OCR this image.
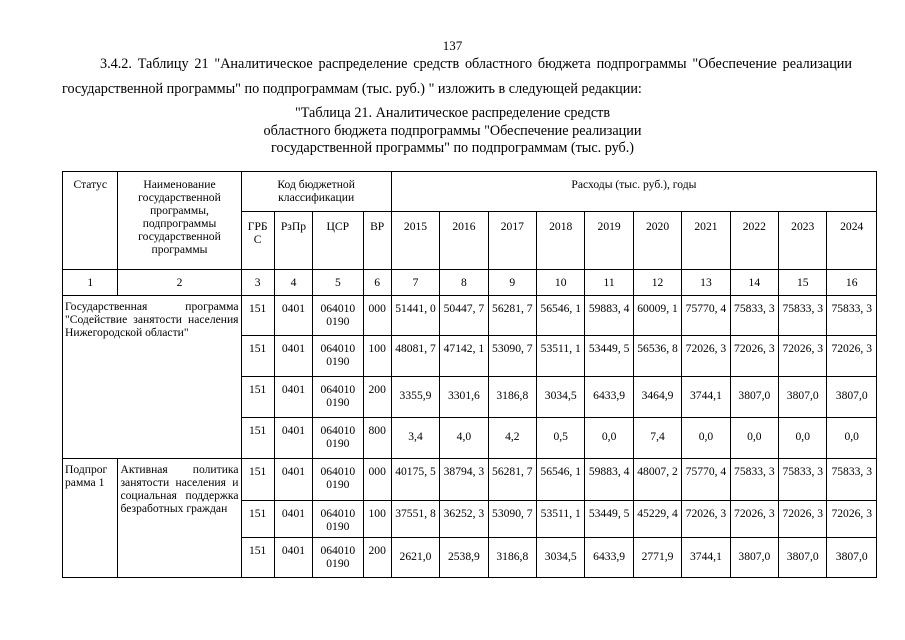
137
3.4.2. Таблицу 21 "Аналитическое распределение средств областного бюджета подпрограммы "Обеспечение реализации государственной программы" по подпрограммам (тыс. руб.) " изложить в следующей редакции:
"Таблица 21. Аналитическое распределение средств
областного бюджета подпрограммы "Обеспечение реализации
государственной программы" по подпрограммам (тыс. руб.)
Статус	Наименование государственной программы, подпрограммы государственной программы	Код бюджетной классификации				Расходы (тыс. руб.), годы									
		ГРБ С	РзПр	ЦСР	ВР	2015	2016	2017	2018	2019	2020	2021	2022	2023	2024
1	2	3	4	5	6	7	8	9	10	11	12	13	14	15	16
Государственная программа "Содействие занятости населения Нижегородской области"		151	0401	064010 0190	000	51441, 0	50447, 7	56281, 7	56546, 1	59883, 4	60009, 1	75770, 4	75833, 3	75833, 3	75833, 3
		151	0401	064010 0190	100	48081, 7	47142, 1	53090, 7	53511, 1	53449, 5	56536, 8	72026, 3	72026, 3	72026, 3	72026, 3
		151	0401	064010 0190	200	3355,9	3301,6	3186,8	3034,5	6433,9	3464,9	3744,1	3807,0	3807,0	3807,0
		151	0401	064010 0190	800	3,4	4,0	4,2	0,5	0,0	7,4	0,0	0,0	0,0	0,0
Подпрог рамма 1	Активная политика занятости населения и социальная поддержка безработных граждан	151	0401	064010 0190	000	40175, 5	38794, 3	56281, 7	56546, 1	59883, 4	48007, 2	75770, 4	75833, 3	75833, 3	75833, 3
		151	0401	064010 0190	100	37551, 8	36252, 3	53090, 7	53511, 1	53449, 5	45229, 4	72026, 3	72026, 3	72026, 3	72026, 3
		151	0401	064010 0190	200	2621,0	2538,9	3186,8	3034,5	6433,9	2771,9	3744,1	3807,0	3807,0	3807,0
